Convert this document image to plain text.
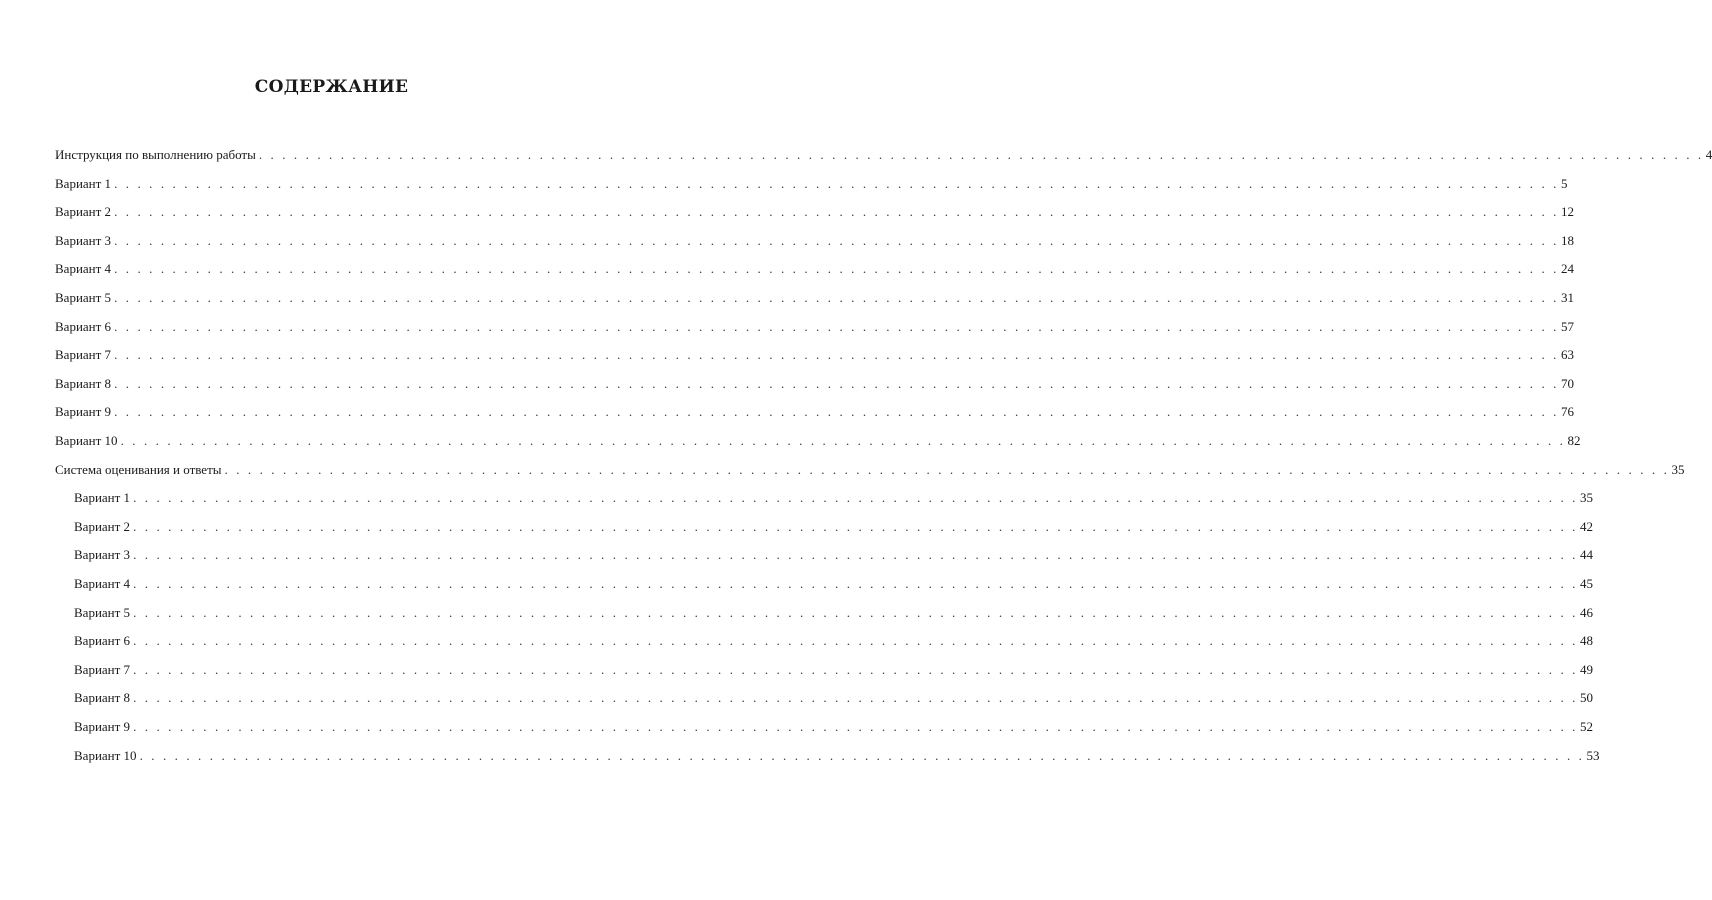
СОДЕРЖАНИЕ
Инструкция по выполнению работы . . . . . . . . . . . . . . . . . . . . . . . . . . . . . . . . . . . . . . . . . . . . . . . . . . . . . . . . . . . . . . . . . . . . . . . . . . . . . . . . . . . . . . . . . . . . . . . . . . . . . . . . . . . . . . . . . . . . . . . . . . . . 4
Вариант 1 . . . . . . . . . . . . . . . . . . . . . . . . . . . . . . . . . . . . . . . . . . . . . . . . . . . . . . . . . . . . . . . . . . . . . . . . . . . . . . . . . . . . . . . . . . . . . . . . . . . . . . . . . . . . . . . . . . . . . . . . . . . . 5
Вариант 2 . . . . . . . . . . . . . . . . . . . . . . . . . . . . . . . . . . . . . . . . . . . . . . . . . . . . . . . . . . . . . . . . . . . . . . . . . . . . . . . . . . . . . . . . . . . . . . . . . . . . . . . . . . . . . . . . . . . . . . . . . . . . 12
Вариант 3 . . . . . . . . . . . . . . . . . . . . . . . . . . . . . . . . . . . . . . . . . . . . . . . . . . . . . . . . . . . . . . . . . . . . . . . . . . . . . . . . . . . . . . . . . . . . . . . . . . . . . . . . . . . . . . . . . . . . . . . . . . . . 18
Вариант 4 . . . . . . . . . . . . . . . . . . . . . . . . . . . . . . . . . . . . . . . . . . . . . . . . . . . . . . . . . . . . . . . . . . . . . . . . . . . . . . . . . . . . . . . . . . . . . . . . . . . . . . . . . . . . . . . . . . . . . . . . . . . . 24
Вариант 5 . . . . . . . . . . . . . . . . . . . . . . . . . . . . . . . . . . . . . . . . . . . . . . . . . . . . . . . . . . . . . . . . . . . . . . . . . . . . . . . . . . . . . . . . . . . . . . . . . . . . . . . . . . . . . . . . . . . . . . . . . . . . 31
Вариант 6 . . . . . . . . . . . . . . . . . . . . . . . . . . . . . . . . . . . . . . . . . . . . . . . . . . . . . . . . . . . . . . . . . . . . . . . . . . . . . . . . . . . . . . . . . . . . . . . . . . . . . . . . . . . . . . . . . . . . . . . . . . . . 57
Вариант 7 . . . . . . . . . . . . . . . . . . . . . . . . . . . . . . . . . . . . . . . . . . . . . . . . . . . . . . . . . . . . . . . . . . . . . . . . . . . . . . . . . . . . . . . . . . . . . . . . . . . . . . . . . . . . . . . . . . . . . . . . . . . . 63
Вариант 8 . . . . . . . . . . . . . . . . . . . . . . . . . . . . . . . . . . . . . . . . . . . . . . . . . . . . . . . . . . . . . . . . . . . . . . . . . . . . . . . . . . . . . . . . . . . . . . . . . . . . . . . . . . . . . . . . . . . . . . . . . . . . 70
Вариант 9 . . . . . . . . . . . . . . . . . . . . . . . . . . . . . . . . . . . . . . . . . . . . . . . . . . . . . . . . . . . . . . . . . . . . . . . . . . . . . . . . . . . . . . . . . . . . . . . . . . . . . . . . . . . . . . . . . . . . . . . . . . . . 76
Вариант 10 . . . . . . . . . . . . . . . . . . . . . . . . . . . . . . . . . . . . . . . . . . . . . . . . . . . . . . . . . . . . . . . . . . . . . . . . . . . . . . . . . . . . . . . . . . . . . . . . . . . . . . . . . . . . . . . . . . . . . . . . . . . . 82
Система оценивания и ответы . . . . . . . . . . . . . . . . . . . . . . . . . . . . . . . . . . . . . . . . . . . . . . . . . . . . . . . . . . . . . . . . . . . . . . . . . . . . . . . . . . . . . . . . . . . . . . . . . . . . . . . . . . . . . . . . . . . . . . . . . . . . 35
Вариант 1 . . . . . . . . . . . . . . . . . . . . . . . . . . . . . . . . . . . . . . . . . . . . . . . . . . . . . . . . . . . . . . . . . . . . . . . . . . . . . . . . . . . . . . . . . . . . . . . . . . . . . . . . . . . . . . . . . . . . . . . . . . . . 35
Вариант 2 . . . . . . . . . . . . . . . . . . . . . . . . . . . . . . . . . . . . . . . . . . . . . . . . . . . . . . . . . . . . . . . . . . . . . . . . . . . . . . . . . . . . . . . . . . . . . . . . . . . . . . . . . . . . . . . . . . . . . . . . . . . . 42
Вариант 3 . . . . . . . . . . . . . . . . . . . . . . . . . . . . . . . . . . . . . . . . . . . . . . . . . . . . . . . . . . . . . . . . . . . . . . . . . . . . . . . . . . . . . . . . . . . . . . . . . . . . . . . . . . . . . . . . . . . . . . . . . . . . 44
Вариант 4 . . . . . . . . . . . . . . . . . . . . . . . . . . . . . . . . . . . . . . . . . . . . . . . . . . . . . . . . . . . . . . . . . . . . . . . . . . . . . . . . . . . . . . . . . . . . . . . . . . . . . . . . . . . . . . . . . . . . . . . . . . . . 45
Вариант 5 . . . . . . . . . . . . . . . . . . . . . . . . . . . . . . . . . . . . . . . . . . . . . . . . . . . . . . . . . . . . . . . . . . . . . . . . . . . . . . . . . . . . . . . . . . . . . . . . . . . . . . . . . . . . . . . . . . . . . . . . . . . . 46
Вариант 6 . . . . . . . . . . . . . . . . . . . . . . . . . . . . . . . . . . . . . . . . . . . . . . . . . . . . . . . . . . . . . . . . . . . . . . . . . . . . . . . . . . . . . . . . . . . . . . . . . . . . . . . . . . . . . . . . . . . . . . . . . . . . 48
Вариант 7 . . . . . . . . . . . . . . . . . . . . . . . . . . . . . . . . . . . . . . . . . . . . . . . . . . . . . . . . . . . . . . . . . . . . . . . . . . . . . . . . . . . . . . . . . . . . . . . . . . . . . . . . . . . . . . . . . . . . . . . . . . . . 49
Вариант 8 . . . . . . . . . . . . . . . . . . . . . . . . . . . . . . . . . . . . . . . . . . . . . . . . . . . . . . . . . . . . . . . . . . . . . . . . . . . . . . . . . . . . . . . . . . . . . . . . . . . . . . . . . . . . . . . . . . . . . . . . . . . . 50
Вариант 9 . . . . . . . . . . . . . . . . . . . . . . . . . . . . . . . . . . . . . . . . . . . . . . . . . . . . . . . . . . . . . . . . . . . . . . . . . . . . . . . . . . . . . . . . . . . . . . . . . . . . . . . . . . . . . . . . . . . . . . . . . . . . 52
Вариант 10 . . . . . . . . . . . . . . . . . . . . . . . . . . . . . . . . . . . . . . . . . . . . . . . . . . . . . . . . . . . . . . . . . . . . . . . . . . . . . . . . . . . . . . . . . . . . . . . . . . . . . . . . . . . . . . . . . . . . . . . . . . . . 53
